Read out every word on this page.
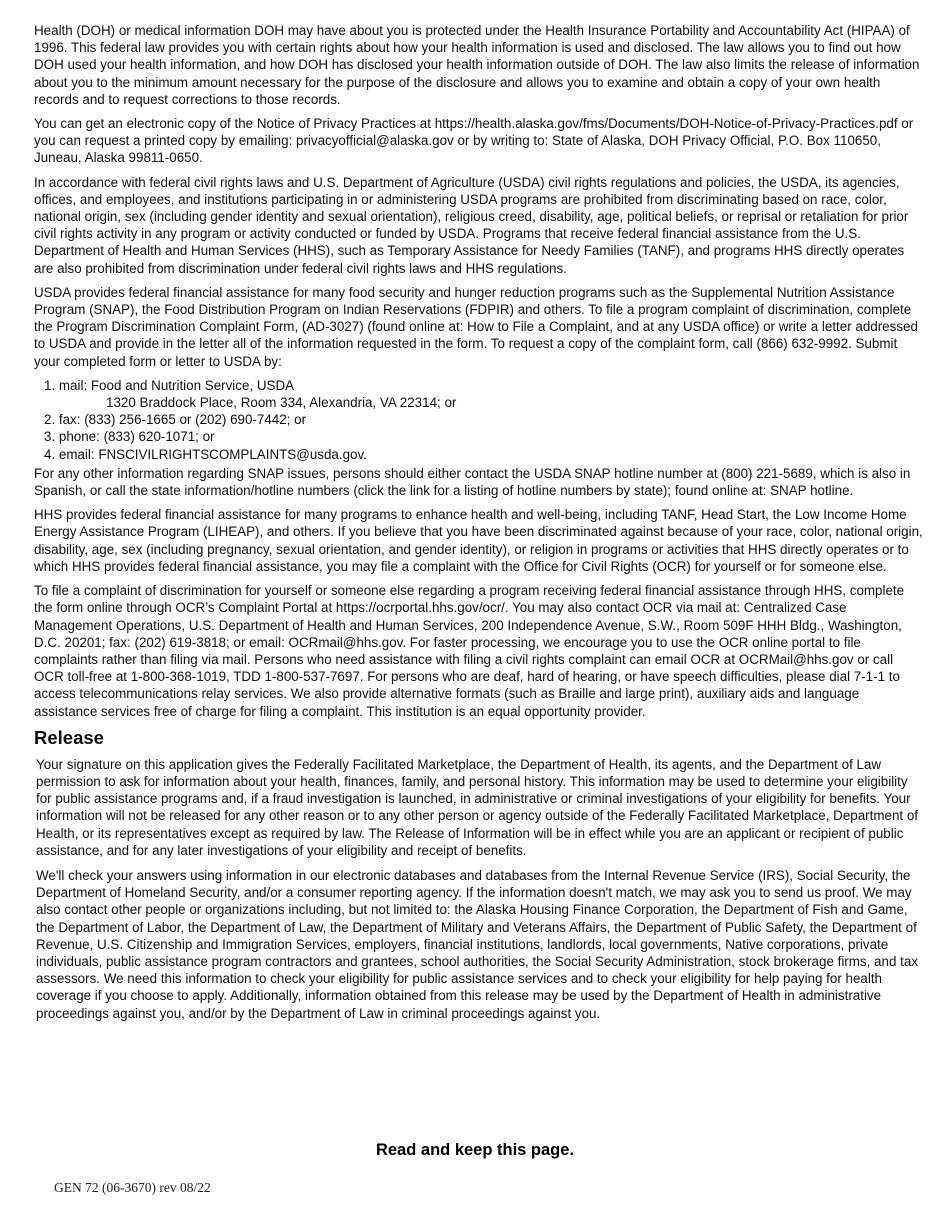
Health (DOH) or medical information DOH may have about you is protected under the Health Insurance Portability and Accountability Act (HIPAA) of 1996. This federal law provides you with certain rights about how your health information is used and disclosed. The law allows you to find out how DOH used your health information, and how DOH has disclosed your health information outside of DOH. The law also limits the release of information about you to the minimum amount necessary for the purpose of the disclosure and allows you to examine and obtain a copy of your own health records and to request corrections to those records.

You can get an electronic copy of the Notice of Privacy Practices at https://health.alaska.gov/fms/Documents/DOH-Notice-of-Privacy-Practices.pdf or you can request a printed copy by emailing: privacyofficial@alaska.gov or by writing to: State of Alaska, DOH Privacy Official, P.O. Box 110650, Juneau, Alaska 99811-0650.

In accordance with federal civil rights laws and U.S. Department of Agriculture (USDA) civil rights regulations and policies, the USDA, its agencies, offices, and employees, and institutions participating in or administering USDA programs are prohibited from discriminating based on race, color, national origin, sex (including gender identity and sexual orientation), religious creed, disability, age, political beliefs, or reprisal or retaliation for prior civil rights activity in any program or activity conducted or funded by USDA. Programs that receive federal financial assistance from the U.S. Department of Health and Human Services (HHS), such as Temporary Assistance for Needy Families (TANF), and programs HHS directly operates are also prohibited from discrimination under federal civil rights laws and HHS regulations.

USDA provides federal financial assistance for many food security and hunger reduction programs such as the Supplemental Nutrition Assistance Program (SNAP), the Food Distribution Program on Indian Reservations (FDPIR) and others. To file a program complaint of discrimination, complete the Program Discrimination Complaint Form, (AD-3027) (found online at: How to File a Complaint, and at any USDA office) or write a letter addressed to USDA and provide in the letter all of the information requested in the form. To request a copy of the complaint form, call (866) 632-9992. Submit your completed form or letter to USDA by:

1. mail: Food and Nutrition Service, USDA
1320 Braddock Place, Room 334, Alexandria, VA 22314; or
2. fax: (833) 256-1665 or (202) 690-7442; or
3. phone: (833) 620-1071; or
4. email: FNSCIVILRIGHTSCOMPLAINTS@usda.gov.

For any other information regarding SNAP issues, persons should either contact the USDA SNAP hotline number at (800) 221-5689, which is also in Spanish, or call the state information/hotline numbers (click the link for a listing of hotline numbers by state); found online at: SNAP hotline.

HHS provides federal financial assistance for many programs to enhance health and well-being, including TANF, Head Start, the Low Income Home Energy Assistance Program (LIHEAP), and others. If you believe that you have been discriminated against because of your race, color, national origin, disability, age, sex (including pregnancy, sexual orientation, and gender identity), or religion in programs or activities that HHS directly operates or to which HHS provides federal financial assistance, you may file a complaint with the Office for Civil Rights (OCR) for yourself or for someone else.

To file a complaint of discrimination for yourself or someone else regarding a program receiving federal financial assistance through HHS, complete the form online through OCR’s Complaint Portal at https://ocrportal.hhs.gov/ocr/. You may also contact OCR via mail at: Centralized Case Management Operations, U.S. Department of Health and Human Services, 200 Independence Avenue, S.W., Room 509F HHH Bldg., Washington, D.C. 20201; fax: (202) 619-3818; or email: OCRmail@hhs.gov. For faster processing, we encourage you to use the OCR online portal to file complaints rather than filing via mail. Persons who need assistance with filing a civil rights complaint can email OCR at OCRMail@hhs.gov or call OCR toll-free at 1-800-368-1019, TDD 1-800-537-7697. For persons who are deaf, hard of hearing, or have speech difficulties, please dial 7-1-1 to access telecommunications relay services. We also provide alternative formats (such as Braille and large print), auxiliary aids and language assistance services free of charge for filing a complaint. This institution is an equal opportunity provider.

Release

Your signature on this application gives the Federally Facilitated Marketplace, the Department of Health, its agents, and the Department of Law permission to ask for information about your health, finances, family, and personal history. This information may be used to determine your eligibility for public assistance programs and, if a fraud investigation is launched, in administrative or criminal investigations of your eligibility for benefits. Your information will not be released for any other reason or to any other person or agency outside of the Federally Facilitated Marketplace, Department of Health, or its representatives except as required by law. The Release of Information will be in effect while you are an applicant or recipient of public assistance, and for any later investigations of your eligibility and receipt of benefits.

We'll check your answers using information in our electronic databases and databases from the Internal Revenue Service (IRS), Social Security, the Department of Homeland Security, and/or a consumer reporting agency. If the information doesn't match, we may ask you to send us proof. We may also contact other people or organizations including, but not limited to: the Alaska Housing Finance Corporation, the Department of Fish and Game, the Department of Labor, the Department of Law, the Department of Military and Veterans Affairs, the Department of Public Safety, the Department of Revenue, U.S. Citizenship and Immigration Services, employers, financial institutions, landlords, local governments, Native corporations, private individuals, public assistance program contractors and grantees, school authorities, the Social Security Administration, stock brokerage firms, and tax assessors. We need this information to check your eligibility for public assistance services and to check your eligibility for help paying for health coverage if you choose to apply. Additionally, information obtained from this release may be used by the Department of Health in administrative proceedings against you, and/or by the Department of Law in criminal proceedings against you.

Read and keep this page.
GEN 72 (06-3670) rev 08/22
